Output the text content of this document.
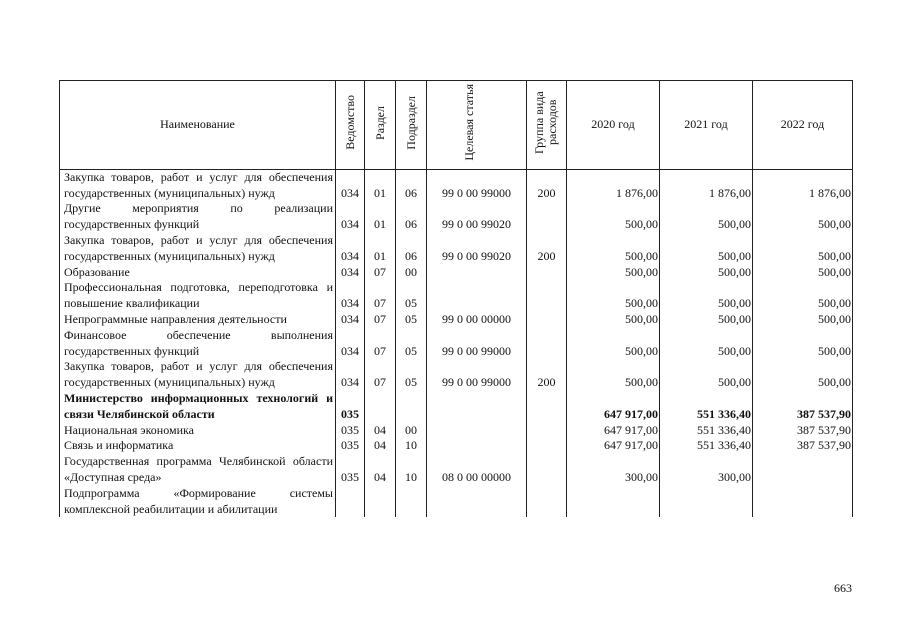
Наименование	Ведомство	Раздел	Подраздел	Целевая статья	Группа вида расходов	2020 год	2021 год	2022 год
Закупка товаров, работ и услуг для обеспечения государственных (муниципальных) нужд	034	01	06	99 0 00 99000	200	1 876,00	1 876,00	1 876,00
Другие мероприятия по реализации государственных функций	034	01	06	99 0 00 99020		500,00	500,00	500,00
Закупка товаров, работ и услуг для обеспечения государственных (муниципальных) нужд	034	01	06	99 0 00 99020	200	500,00	500,00	500,00
Образование	034	07	00			500,00	500,00	500,00
Профессиональная подготовка, переподготовка и повышение квалификации	034	07	05			500,00	500,00	500,00
Непрограммные направления деятельности	034	07	05	99 0 00 00000		500,00	500,00	500,00
Финансовое обеспечение выполнения государственных функций	034	07	05	99 0 00 99000		500,00	500,00	500,00
Закупка товаров, работ и услуг для обеспечения государственных (муниципальных) нужд	034	07	05	99 0 00 99000	200	500,00	500,00	500,00
Министерство информационных технологий и связи Челябинской области	035					647 917,00	551 336,40	387 537,90
Национальная экономика	035	04	00			647 917,00	551 336,40	387 537,90
Связь и информатика	035	04	10			647 917,00	551 336,40	387 537,90
Государственная программа Челябинской области «Доступная среда»	035	04	10	08 0 00 00000		300,00	300,00	
Подпрограмма «Формирование системы комплексной реабилитации и абилитации								
663
